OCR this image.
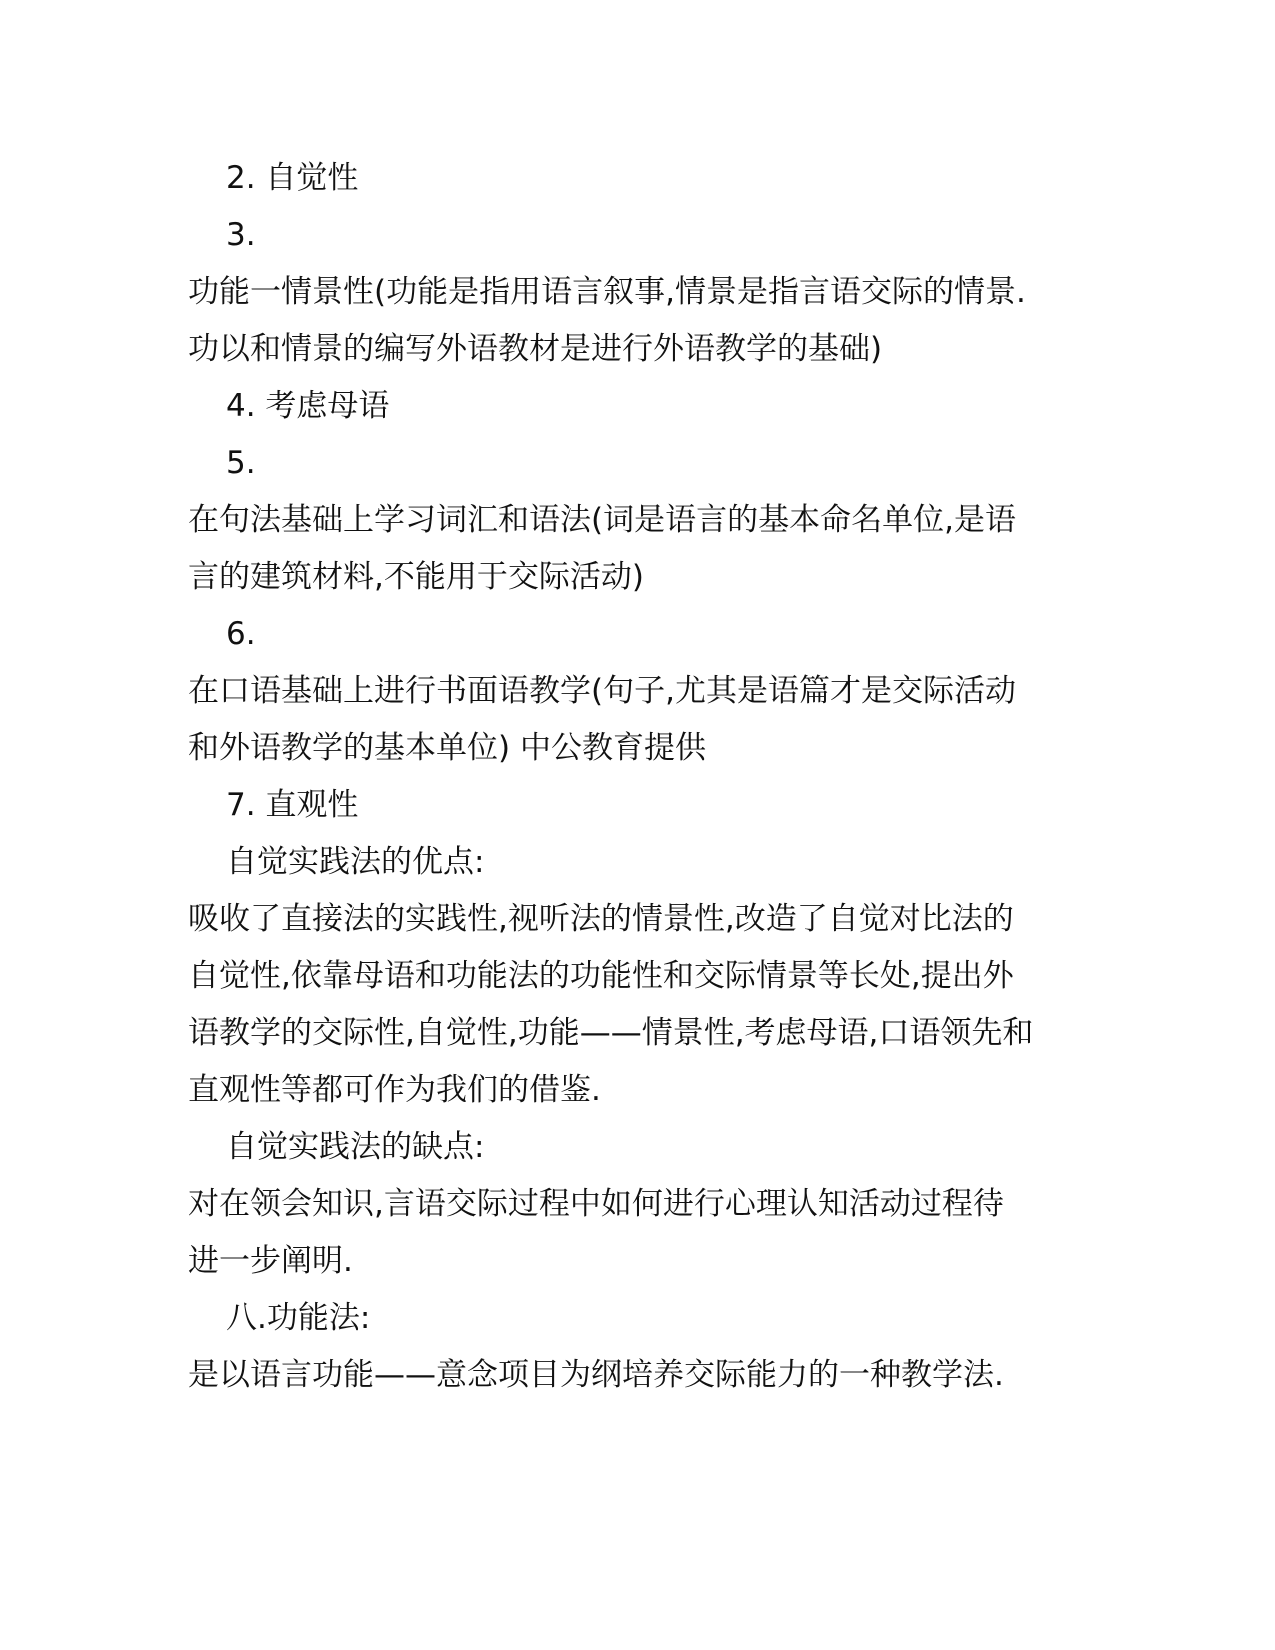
2. 自觉性
3.
功能一情景性(功能是指用语言叙事,情景是指言语交际的情景.
功以和情景的编写外语教材是进行外语教学的基础)
4. 考虑母语
5.
在句法基础上学习词汇和语法(词是语言的基本命名单位,是语
言的建筑材料,不能用于交际活动)
6.
在口语基础上进行书面语教学(句子,尤其是语篇才是交际活动
和外语教学的基本单位) 中公教育提供
7. 直观性
自觉实践法的优点:
吸收了直接法的实践性,视听法的情景性,改造了自觉对比法的
自觉性,依靠母语和功能法的功能性和交际情景等长处,提出外
语教学的交际性,自觉性,功能——情景性,考虑母语,口语领先和
直观性等都可作为我们的借鉴.
自觉实践法的缺点:
对在领会知识,言语交际过程中如何进行心理认知活动过程待
进一步阐明.
八.功能法:
是以语言功能——意念项目为纲培养交际能力的一种教学法.
